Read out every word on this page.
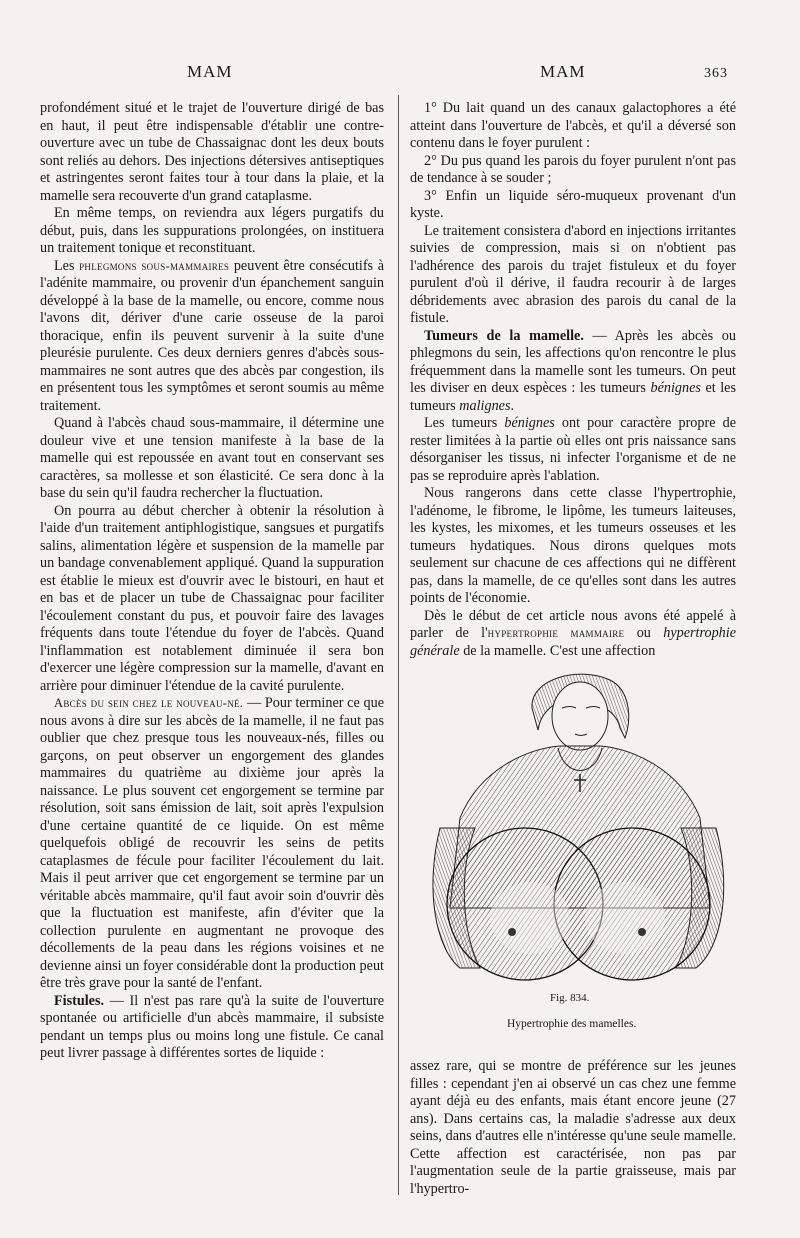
MAM	MAM	363

profondément situé et le trajet de l'ouverture dirigé de bas en haut, il peut être indispensable d'établir une contre-ouverture avec un tube de Chassaignac dont les deux bouts sont reliés au dehors. Des injections détersives antiseptiques et astringentes seront faites tour à tour dans la plaie, et la mamelle sera recouverte d'un grand cataplasme.

En même temps, on reviendra aux légers purgatifs du début, puis, dans les suppurations prolongées, on instituera un traitement tonique et reconstituant.

Les phlegmons sous-mammaires peuvent être consécutifs à l'adénite mammaire, ou provenir d'un épanchement sanguin développé à la base de la mamelle, ou encore, comme nous l'avons dit, dériver d'une carie osseuse de la paroi thoracique, enfin ils peuvent survenir à la suite d'une pleurésie purulente. Ces deux derniers genres d'abcès sous-mammaires ne sont autres que des abcès par congestion, ils en présentent tous les symptômes et seront soumis au même traitement.

Quand à l'abcès chaud sous-mammaire, il détermine une douleur vive et une tension manifeste à la base de la mamelle qui est repoussée en avant tout en conservant ses caractères, sa mollesse et son élasticité. Ce sera donc à la base du sein qu'il faudra rechercher la fluctuation.

On pourra au début chercher à obtenir la résolution à l'aide d'un traitement antiphlogistique, sangsues et purgatifs salins, alimentation légère et suspension de la mamelle par un bandage convenablement appliqué. Quand la suppuration est établie le mieux est d'ouvrir avec le bistouri, en haut et en bas et de placer un tube de Chassaignac pour faciliter l'écoulement constant du pus, et pouvoir faire des lavages fréquents dans toute l'étendue du foyer de l'abcès. Quand l'inflammation est notablement diminuée il sera bon d'exercer une légère compression sur la mamelle, d'avant en arrière pour diminuer l'étendue de la cavité purulente.

Abcès du sein chez le nouveau-né. — Pour terminer ce que nous avons à dire sur les abcès de la mamelle, il ne faut pas oublier que chez presque tous les nouveaux-nés, filles ou garçons, on peut observer un engorgement des glandes mammaires du quatrième au dixième jour après la naissance. Le plus souvent cet engorgement se termine par résolution, soit sans émission de lait, soit après l'expulsion d'une certaine quantité de ce liquide. On est même quelquefois obligé de recouvrir les seins de petits cataplasmes de fécule pour faciliter l'écoulement du lait. Mais il peut arriver que cet engorgement se termine par un véritable abcès mammaire, qu'il faut avoir soin d'ouvrir dès que la fluctuation est manifeste, afin d'éviter que la collection purulente en augmentant ne provoque des décollements de la peau dans les régions voisines et ne devienne ainsi un foyer considérable dont la production peut être très grave pour la santé de l'enfant.

Fistules. — Il n'est pas rare qu'à la suite de l'ouverture spontanée ou artificielle d'un abcès mammaire, il subsiste pendant un temps plus ou moins long une fistule. Ce canal peut livrer passage à différentes sortes de liquide :

1° Du lait quand un des canaux galactophores a été atteint dans l'ouverture de l'abcès, et qu'il a déversé son contenu dans le foyer purulent :

2° Du pus quand les parois du foyer purulent n'ont pas de tendance à se souder ;

3° Enfin un liquide séro-muqueux provenant d'un kyste.

Le traitement consistera d'abord en injections irritantes suivies de compression, mais si on n'obtient pas l'adhérence des parois du trajet fistuleux et du foyer purulent d'où il dérive, il faudra recourir à de larges débridements avec abrasion des parois du canal de la fistule.

Tumeurs de la mamelle. — Après les abcès ou phlegmons du sein, les affections qu'on rencontre le plus fréquemment dans la mamelle sont les tumeurs. On peut les diviser en deux espèces : les tumeurs bénignes et les tumeurs malignes.

Les tumeurs bénignes ont pour caractère propre de rester limitées à la partie où elles ont pris naissance sans désorganiser les tissus, ni infecter l'organisme et de ne pas se reproduire après l'ablation.

Nous rangerons dans cette classe l'hypertrophie, l'adénome, le fibrome, le lipôme, les tumeurs laiteuses, les kystes, les mixomes, et les tumeurs osseuses et les tumeurs hydatiques. Nous dirons quelques mots seulement sur chacune de ces affections qui ne diffèrent pas, dans la mamelle, de ce qu'elles sont dans les autres points de l'économie.

Dès le début de cet article nous avons été appelé à parler de l'hypertrophie mammaire ou hypertrophie générale de la mamelle. C'est une affection

Fig. 834.
Hypertrophie des mamelles.

assez rare, qui se montre de préférence sur les jeunes filles : cependant j'en ai observé un cas chez une femme ayant déjà eu des enfants, mais étant encore jeune (27 ans). Dans certains cas, la maladie s'adresse aux deux seins, dans d'autres elle n'intéresse qu'une seule mamelle. Cette affection est caractérisée, non pas par l'augmentation seule de la partie graisseuse, mais par l'hypertro-
